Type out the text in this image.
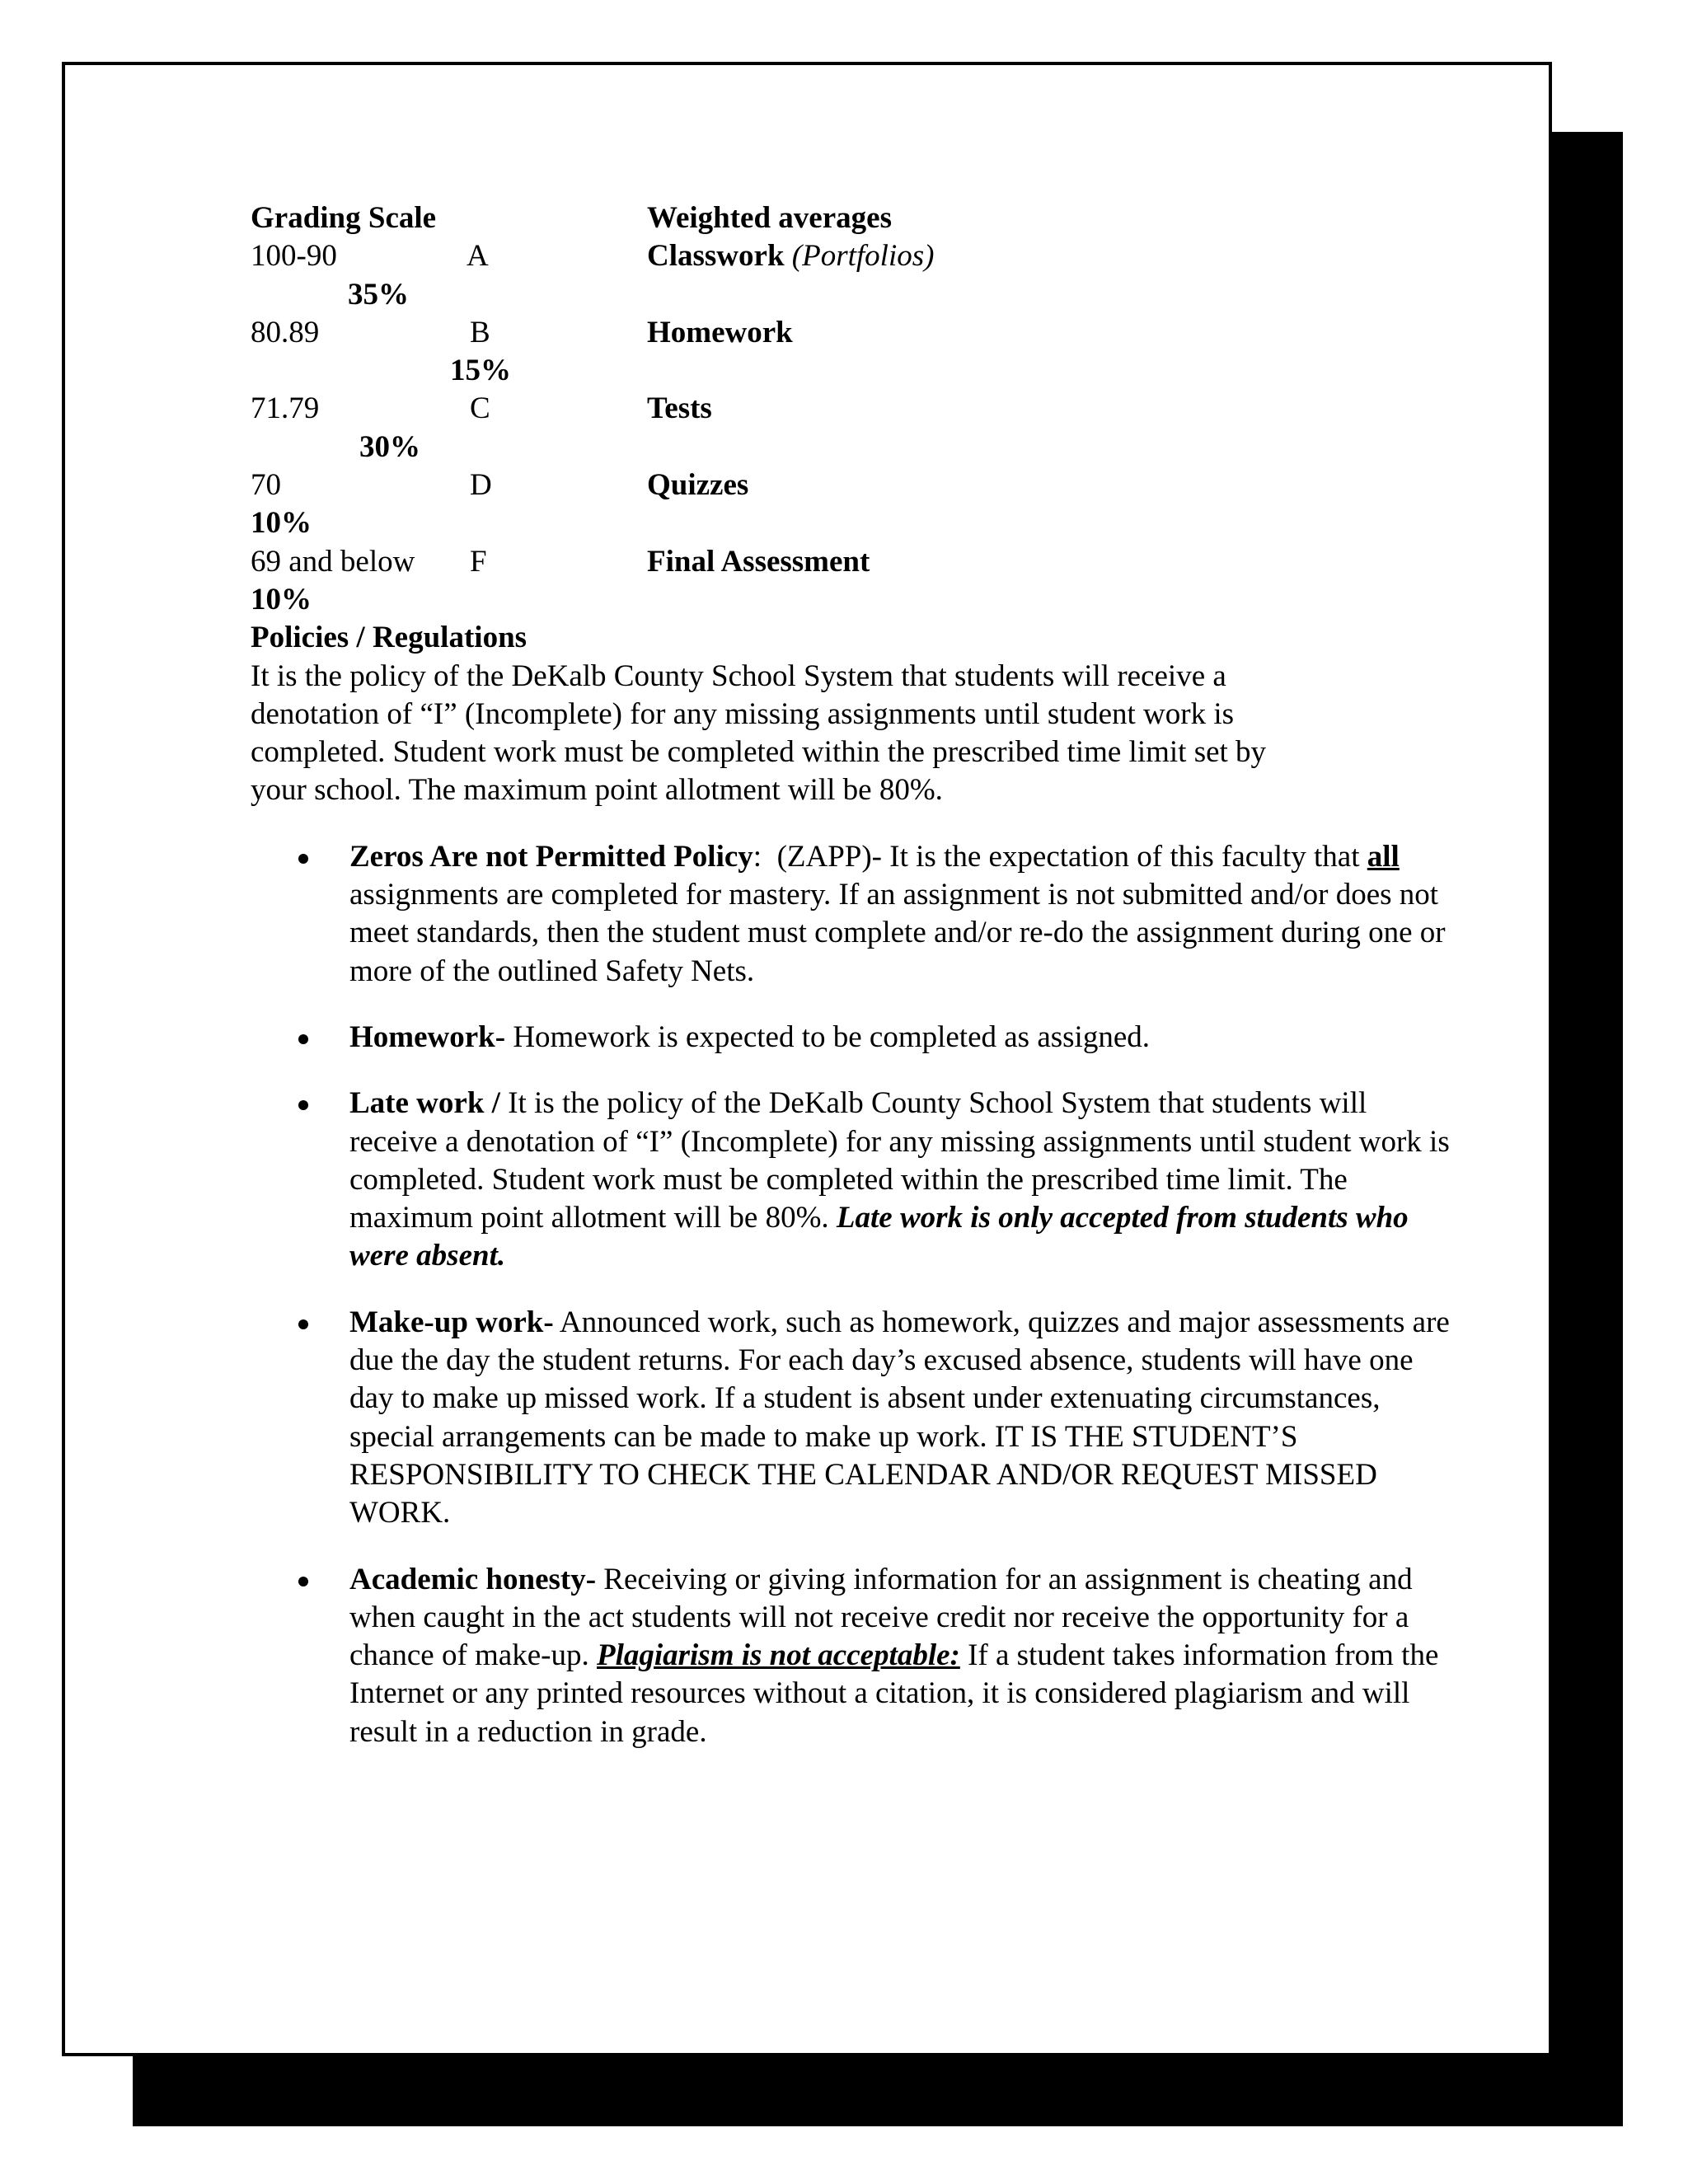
Grading Scale	Weighted averages
100-90	A	Classwork (Portfolios)
35%
80.89	B	Homework
15%
71.79	C	Tests
30%
70	D	Quizzes
10%
69 and below F	Final Assessment
10%
Policies / Regulations
It is the policy of the DeKalb County School System that students will receive a
denotation of “I” (Incomplete) for any missing assignments until student work is
completed. Student work must be completed within the prescribed time limit set by
your school. The maximum point allotment will be 80%.
Zeros Are not Permitted Policy:  (ZAPP)- It is the expectation of this faculty that all assignments are completed for mastery. If an assignment is not submitted and/or does not meet standards, then the student must complete and/or re-do the assignment during one or more of the outlined Safety Nets.
Homework- Homework is expected to be completed as assigned.
Late work / It is the policy of the DeKalb County School System that students will receive a denotation of “I” (Incomplete) for any missing assignments until student work is completed. Student work must be completed within the prescribed time limit. The maximum point allotment will be 80%. Late work is only accepted from students who were absent.
Make-up work- Announced work, such as homework, quizzes and major assessments are due the day the student returns. For each day’s excused absence, students will have one day to make up missed work. If a student is absent under extenuating circumstances, special arrangements can be made to make up work. IT IS THE STUDENT’S RESPONSIBILITY TO CHECK THE CALENDAR AND/OR REQUEST MISSED WORK.
Academic honesty- Receiving or giving information for an assignment is cheating and when caught in the act students will not receive credit nor receive the opportunity for a chance of make-up. Plagiarism is not acceptable: If a student takes information from the Internet or any printed resources without a citation, it is considered plagiarism and will result in a reduction in grade.
